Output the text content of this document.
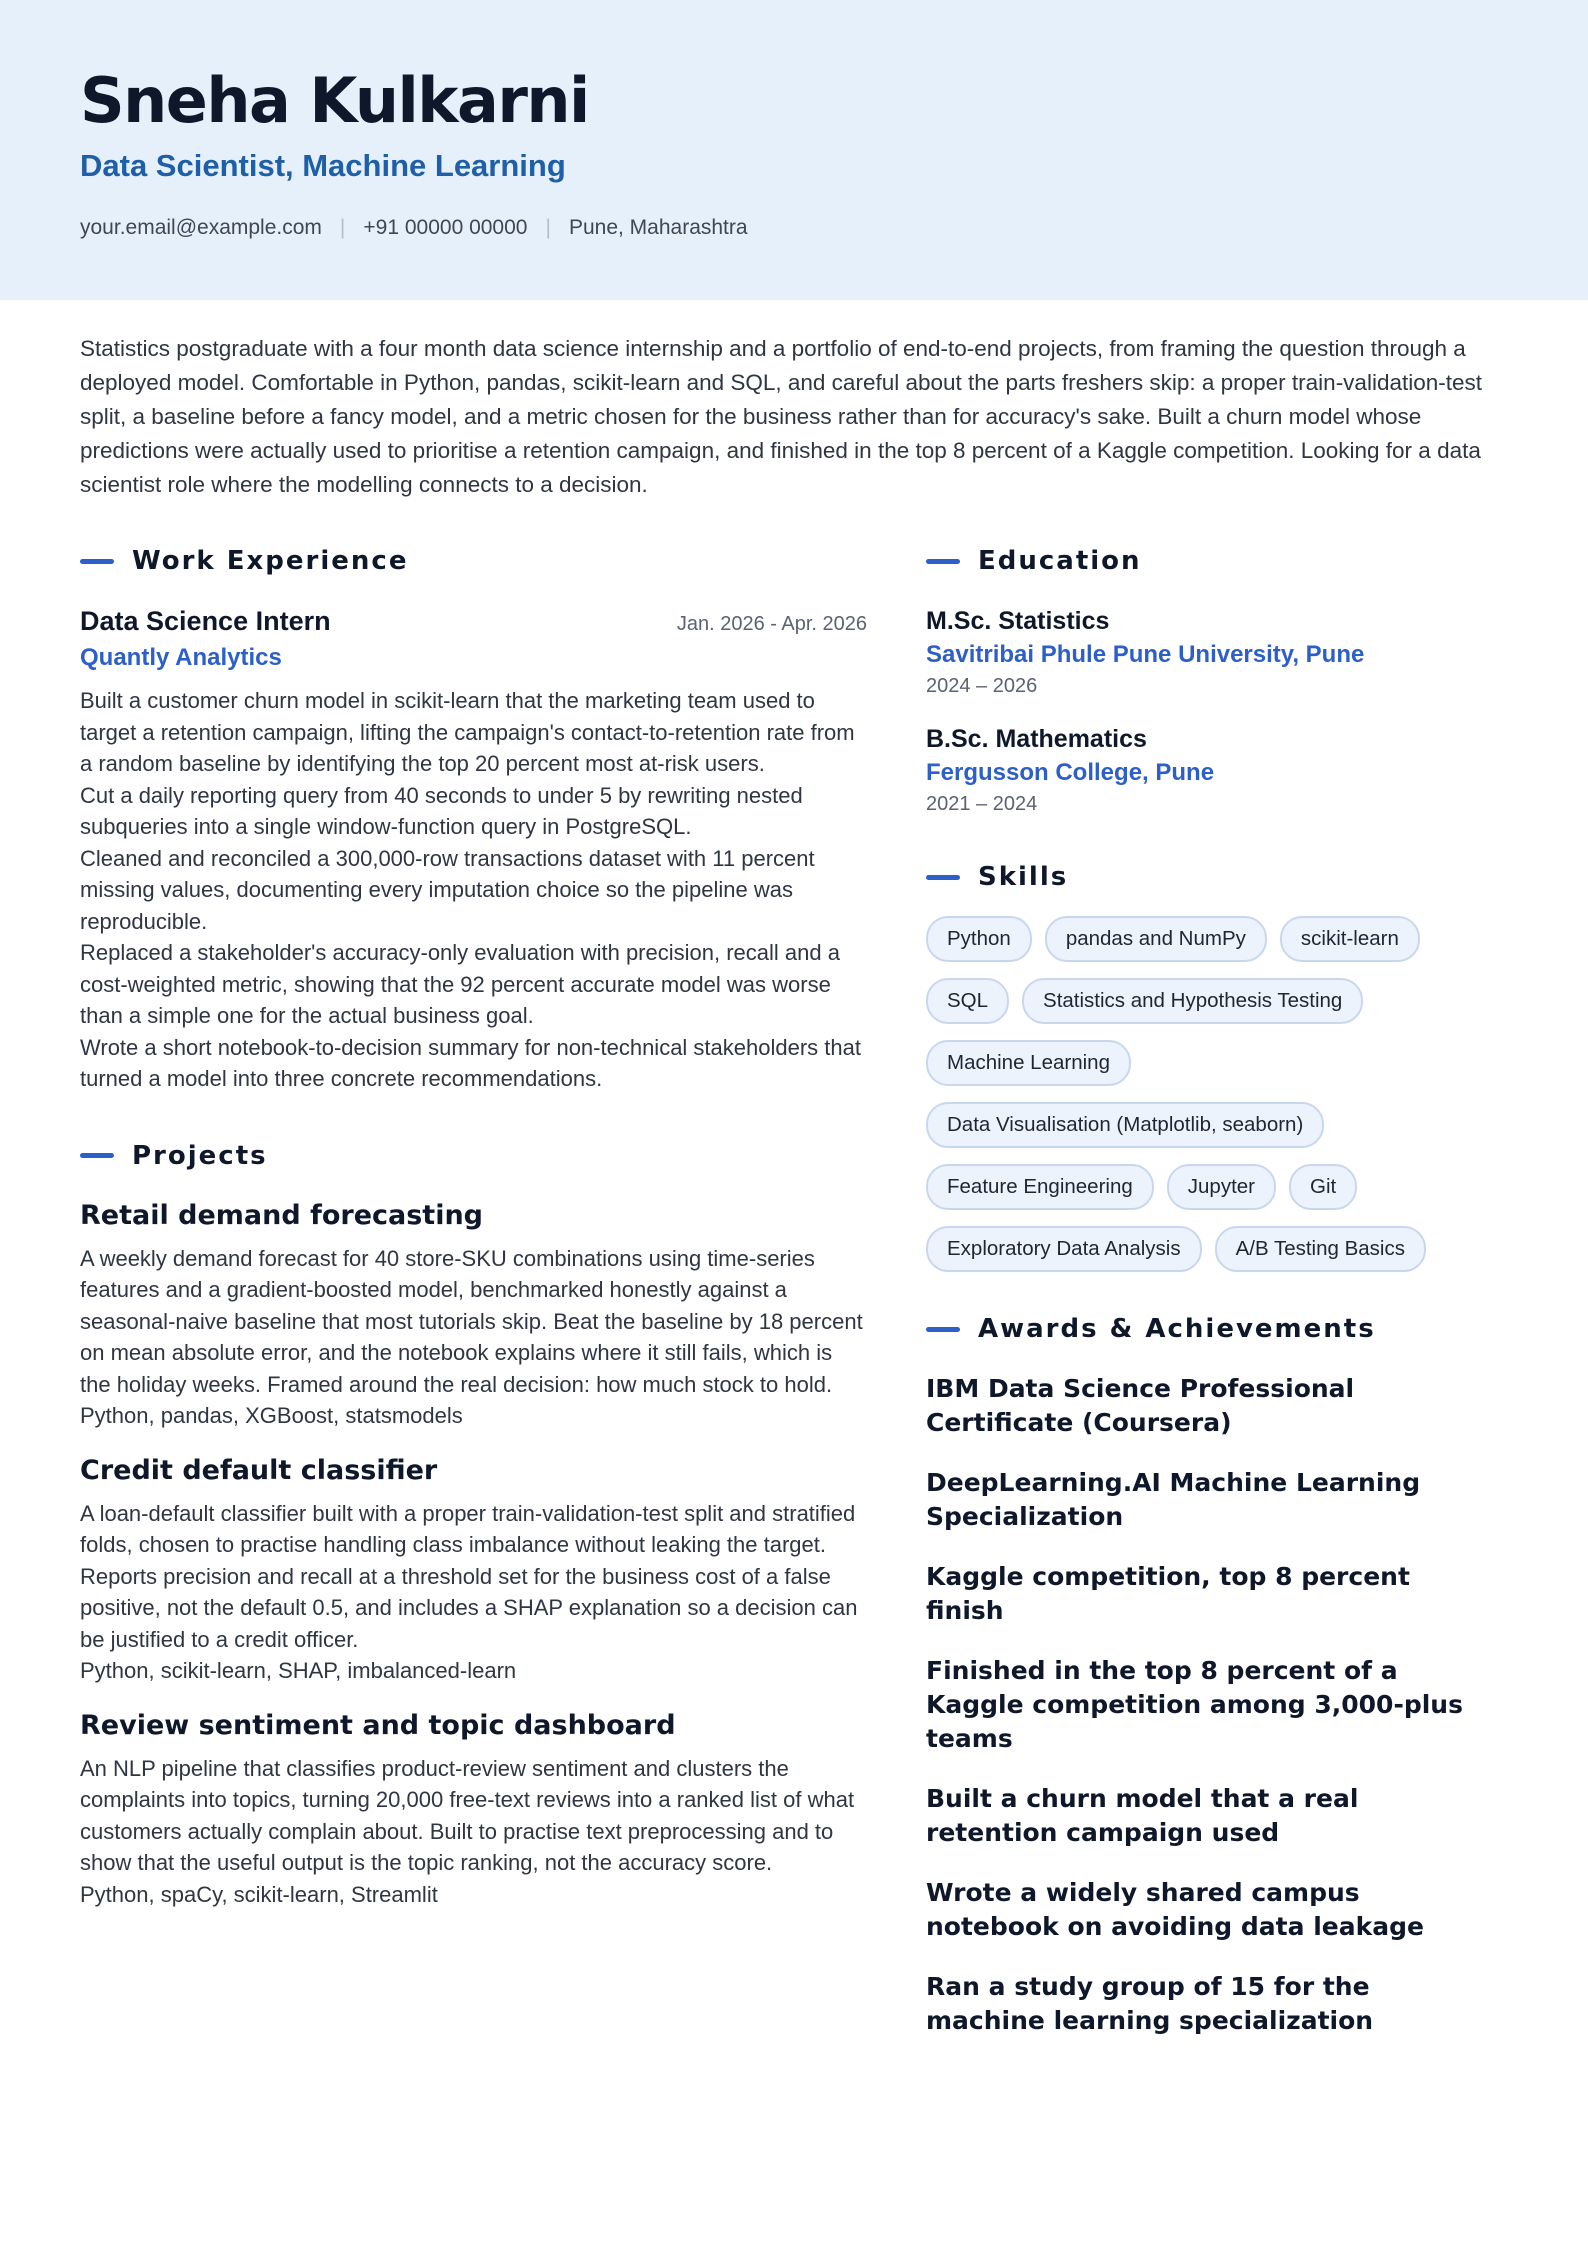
Sneha Kulkarni
Data Scientist, Machine Learning
your.email@example.com | +91 00000 00000 | Pune, Maharashtra

Statistics postgraduate with a four month data science internship and a portfolio of end-to-end projects, from framing the question through a deployed model. Comfortable in Python, pandas, scikit-learn and SQL, and careful about the parts freshers skip: a proper train-validation-test split, a baseline before a fancy model, and a metric chosen for the business rather than for accuracy's sake. Built a churn model whose predictions were actually used to prioritise a retention campaign, and finished in the top 8 percent of a Kaggle competition. Looking for a data scientist role where the modelling connects to a decision.

Work Experience
Data Science Intern	Jan. 2026 - Apr. 2026
Quantly Analytics
Built a customer churn model in scikit-learn that the marketing team used to target a retention campaign, lifting the campaign's contact-to-retention rate from a random baseline by identifying the top 20 percent most at-risk users.
Cut a daily reporting query from 40 seconds to under 5 by rewriting nested subqueries into a single window-function query in PostgreSQL.
Cleaned and reconciled a 300,000-row transactions dataset with 11 percent missing values, documenting every imputation choice so the pipeline was reproducible.
Replaced a stakeholder's accuracy-only evaluation with precision, recall and a cost-weighted metric, showing that the 92 percent accurate model was worse than a simple one for the actual business goal.
Wrote a short notebook-to-decision summary for non-technical stakeholders that turned a model into three concrete recommendations.
Projects
Retail demand forecasting

A weekly demand forecast for 40 store-SKU combinations using time-series features and a gradient-boosted model, benchmarked honestly against a seasonal-naive baseline that most tutorials skip. Beat the baseline by 18 percent on mean absolute error, and the notebook explains where it still fails, which is the holiday weeks. Framed around the real decision: how much stock to hold.

Python, pandas, XGBoost, statsmodels

Credit default classifier

A loan-default classifier built with a proper train-validation-test split and stratified folds, chosen to practise handling class imbalance without leaking the target. Reports precision and recall at a threshold set for the business cost of a false positive, not the default 0.5, and includes a SHAP explanation so a decision can be justified to a credit officer.

Python, scikit-learn, SHAP, imbalanced-learn

Review sentiment and topic dashboard

An NLP pipeline that classifies product-review sentiment and clusters the complaints into topics, turning 20,000 free-text reviews into a ranked list of what customers actually complain about. Built to practise text preprocessing and to show that the useful output is the topic ranking, not the accuracy score.

Python, spaCy, scikit-learn, Streamlit

Education
M.Sc. Statistics
Savitribai Phule Pune University, Pune
2024 – 2026
B.Sc. Mathematics
Fergusson College, Pune
2021 – 2024
Skills
Python	pandas and NumPy	scikit-learn
SQL	Statistics and Hypothesis Testing
Machine Learning
Data Visualisation (Matplotlib, seaborn)
Feature Engineering	Jupyter	Git
Exploratory Data Analysis	A/B Testing Basics
Awards & Achievements

IBM Data Science Professional Certificate (Coursera)

DeepLearning.AI Machine Learning Specialization

Kaggle competition, top 8 percent finish

Finished in the top 8 percent of a Kaggle competition among 3,000-plus teams

Built a churn model that a real retention campaign used

Wrote a widely shared campus notebook on avoiding data leakage

Ran a study group of 15 for the machine learning specialization
